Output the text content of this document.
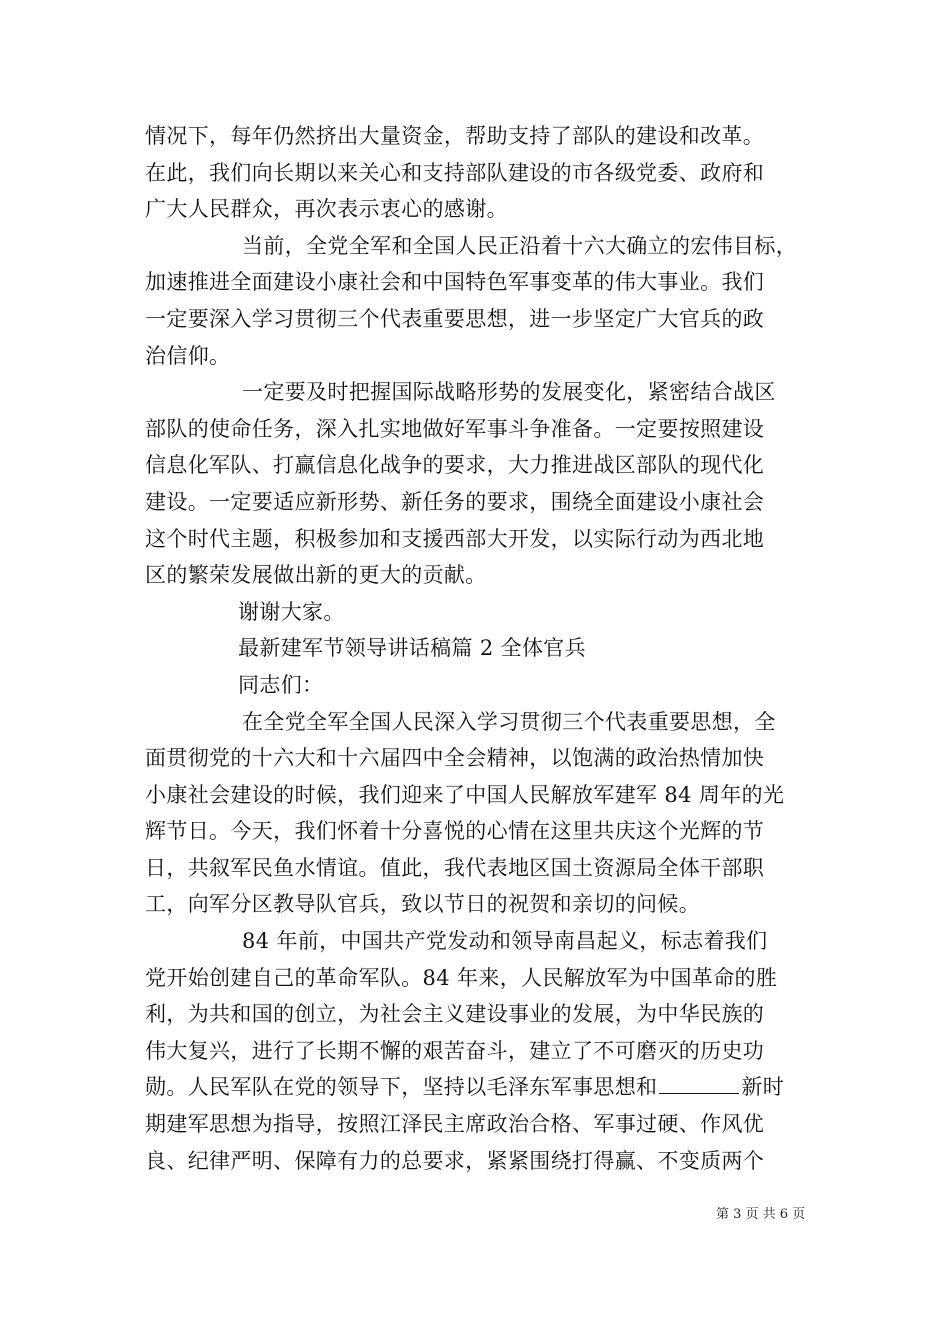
情况下，每年仍然挤出大量资金，帮助支持了部队的建设和改革。
在此，我们向长期以来关心和支持部队建设的市各级党委、政府和
广大人民群众，再次表示衷心的感谢。
当前，全党全军和全国人民正沿着十六大确立的宏伟目标，
加速推进全面建设小康社会和中国特色军事变革的伟大事业。我们
一定要深入学习贯彻三个代表重要思想，进一步坚定广大官兵的政
治信仰。
一定要及时把握国际战略形势的发展变化，紧密结合战区
部队的使命任务，深入扎实地做好军事斗争准备。一定要按照建设
信息化军队、打赢信息化战争的要求，大力推进战区部队的现代化
建设。一定要适应新形势、新任务的要求，围绕全面建设小康社会
这个时代主题，积极参加和支援西部大开发，以实际行动为西北地
区的繁荣发展做出新的更大的贡献。
谢谢大家。
最新建军节领导讲话稿篇 2 全体官兵
同志们：
在全党全军全国人民深入学习贯彻三个代表重要思想，全
面贯彻党的十六大和十六届四中全会精神，以饱满的政治热情加快
小康社会建设的时候，我们迎来了中国人民解放军建军 84 周年的光
辉节日。今天，我们怀着十分喜悦的心情在这里共庆这个光辉的节
日，共叙军民鱼水情谊。值此，我代表地区国土资源局全体干部职
工，向军分区教导队官兵，致以节日的祝贺和亲切的问候。
84 年前，中国共产党发动和领导南昌起义，标志着我们
党开始创建自己的革命军队。84 年来，人民解放军为中国革命的胜
利，为共和国的创立，为社会主义建设事业的发展，为中华民族的
伟大复兴，进行了长期不懈的艰苦奋斗，建立了不可磨灭的历史功
勋。人民军队在党的领导下，坚持以毛泽东军事思想和	新时
期建军思想为指导，按照江泽民主席政治合格、军事过硬、作风优
良、纪律严明、保障有力的总要求，紧紧围绕打得赢、不变质两个
第 3 页 共 6 页
